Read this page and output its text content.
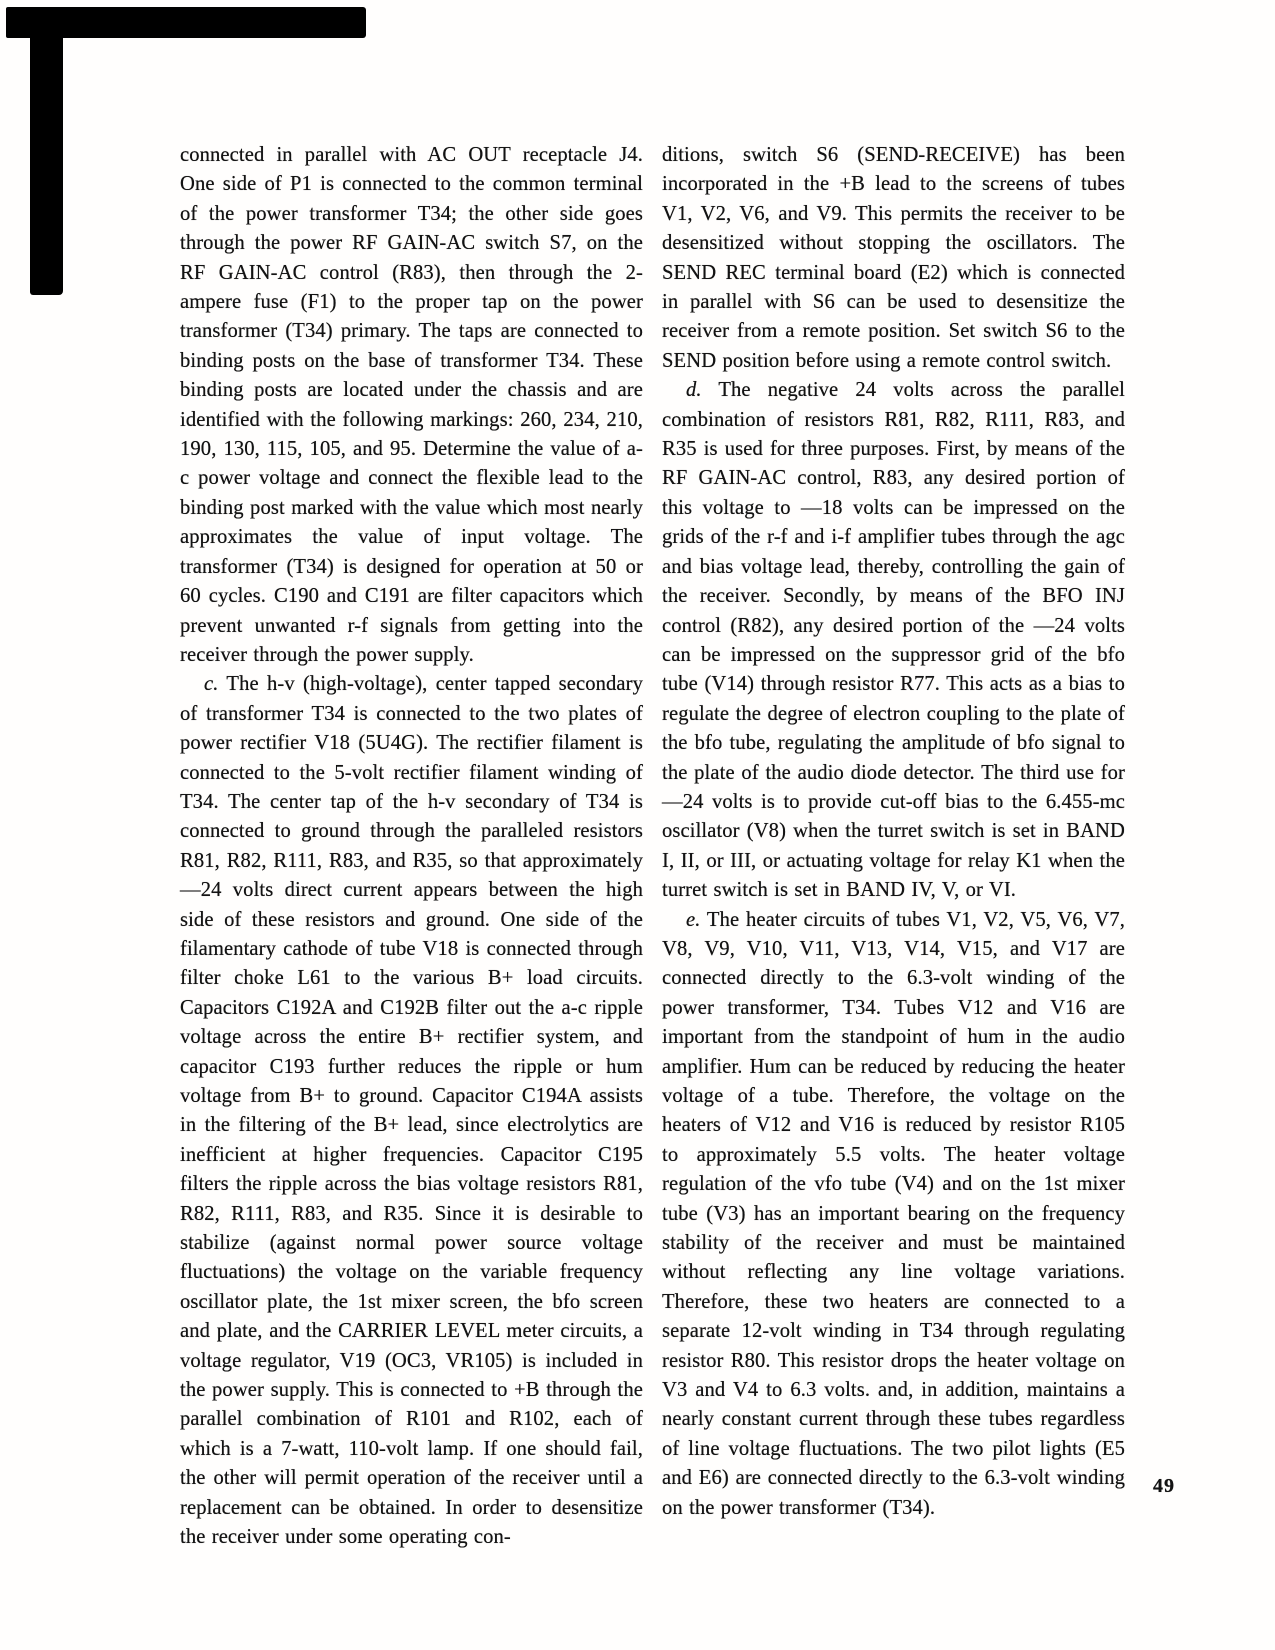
connected in parallel with AC OUT receptacle J4. One side of P1 is connected to the common terminal of the power transformer T34; the other side goes through the power RF GAIN-AC switch S7, on the RF GAIN-AC control (R83), then through the 2-ampere fuse (F1) to the proper tap on the power transformer (T34) primary. The taps are connected to binding posts on the base of transformer T34. These binding posts are located under the chassis and are identified with the following markings: 260, 234, 210, 190, 130, 115, 105, and 95. Determine the value of a-c power voltage and connect the flexible lead to the binding post marked with the value which most nearly approximates the value of input voltage. The transformer (T34) is designed for operation at 50 or 60 cycles. C190 and C191 are filter capacitors which prevent unwanted r-f signals from getting into the receiver through the power supply.

c. The h-v (high-voltage), center tapped secondary of transformer T34 is connected to the two plates of power rectifier V18 (5U4G). The rectifier filament is connected to the 5-volt rectifier filament winding of T34. The center tap of the h-v secondary of T34 is connected to ground through the paralleled resistors R81, R82, R111, R83, and R35, so that approximately —24 volts direct current appears between the high side of these resistors and ground. One side of the filamentary cathode of tube V18 is connected through filter choke L61 to the various B+ load circuits. Capacitors C192A and C192B filter out the a-c ripple voltage across the entire B+ rectifier system, and capacitor C193 further reduces the ripple or hum voltage from B+ to ground. Capacitor C194A assists in the filtering of the B+ lead, since electrolytics are inefficient at higher frequencies. Capacitor C195 filters the ripple across the bias voltage resistors R81, R82, R111, R83, and R35. Since it is desirable to stabilize (against normal power source voltage fluctuations) the voltage on the variable frequency oscillator plate, the 1st mixer screen, the bfo screen and plate, and the CARRIER LEVEL meter circuits, a voltage regulator, V19 (OC3, VR105) is included in the power supply. This is connected to +B through the parallel combination of R101 and R102, each of which is a 7-watt, 110-volt lamp. If one should fail, the other will permit operation of the receiver until a replacement can be obtained. In order to desensitize the receiver under some operating con-

ditions, switch S6 (SEND-RECEIVE) has been incorporated in the +B lead to the screens of tubes V1, V2, V6, and V9. This permits the receiver to be desensitized without stopping the oscillators. The SEND REC terminal board (E2) which is connected in parallel with S6 can be used to desensitize the receiver from a remote position. Set switch S6 to the SEND position before using a remote control switch.

d. The negative 24 volts across the parallel combination of resistors R81, R82, R111, R83, and R35 is used for three purposes. First, by means of the RF GAIN-AC control, R83, any desired portion of this voltage to —18 volts can be impressed on the grids of the r-f and i-f amplifier tubes through the agc and bias voltage lead, thereby, controlling the gain of the receiver. Secondly, by means of the BFO INJ control (R82), any desired portion of the —24 volts can be impressed on the suppressor grid of the bfo tube (V14) through resistor R77. This acts as a bias to regulate the degree of electron coupling to the plate of the bfo tube, regulating the amplitude of bfo signal to the plate of the audio diode detector. The third use for —24 volts is to provide cut-off bias to the 6.455-mc oscillator (V8) when the turret switch is set in BAND I, II, or III, or actuating voltage for relay K1 when the turret switch is set in BAND IV, V, or VI.

e. The heater circuits of tubes V1, V2, V5, V6, V7, V8, V9, V10, V11, V13, V14, V15, and V17 are connected directly to the 6.3-volt winding of the power transformer, T34. Tubes V12 and V16 are important from the standpoint of hum in the audio amplifier. Hum can be reduced by reducing the heater voltage of a tube. Therefore, the voltage on the heaters of V12 and V16 is reduced by resistor R105 to approximately 5.5 volts. The heater voltage regulation of the vfo tube (V4) and on the 1st mixer tube (V3) has an important bearing on the frequency stability of the receiver and must be maintained without reflecting any line voltage variations. Therefore, these two heaters are connected to a separate 12-volt winding in T34 through regulating resistor R80. This resistor drops the heater voltage on V3 and V4 to 6.3 volts. and, in addition, maintains a nearly constant current through these tubes regardless of line voltage fluctuations. The two pilot lights (E5 and E6) are connected directly to the 6.3-volt winding on the power transformer (T34).

49
